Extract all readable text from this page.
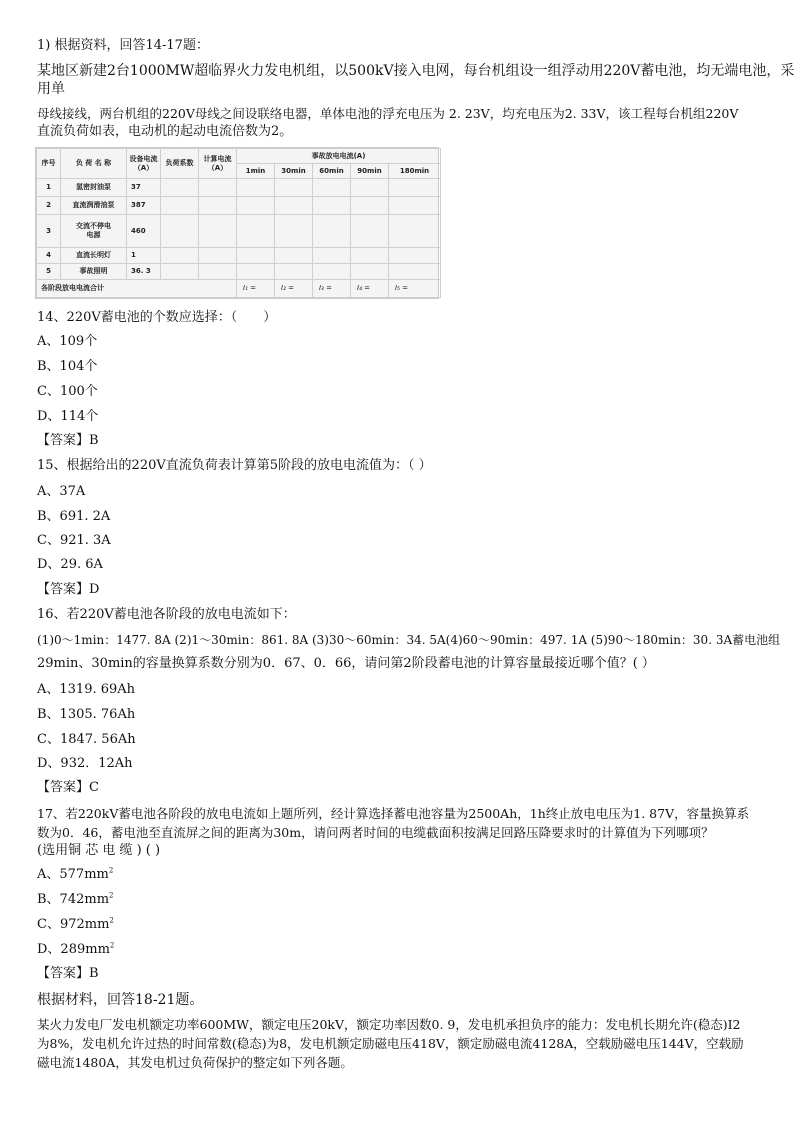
1) 根据资料，回答14-17题：
某地区新建2台1000MW超临界火力发电机组，以500kV接入电网，每台机组设一组浮动用220V蓄电池，均无端电池，采
用单
母线接线，两台机组的220V母线之间设联络电器，单体电池的浮充电压为 2. 23V，均充电压为2. 33V，该工程每台机组220V
直流负荷如表，电动机的起动电流倍数为2。
序号	负 荷 名 称	设备电流（A）	负荷系数	计算电流（A）	事故放电电流(A)				
					1min	30min	60min	90min	180min
1	氢密封油泵	37							
2	直流润滑油泵	387							
3	交流不停电电源	460							
4	直流长明灯	1							
5	事故照明	36. 3							
各阶段放电电流合计					I₁ =	I₂ =	I₃ =	I₄ =	I₅ =
14、220V蓄电池的个数应选择：（　　）
A、109个
B、104个
C、100个
D、114个
【答案】B
15、根据给出的220V直流负荷表计算第5阶段的放电电流值为：（ ）
A、37A
B、691. 2A
C、921. 3A
D、29. 6A
【答案】D
16、若220V蓄电池各阶段的放电电流如下：
(1)0～1min：1477. 8A (2)1～30min：861. 8A (3)30～60min：34. 5A(4)60～90min：497. 1A (5)90～180min：30. 3A蓄电池组
29min、30min的容量换算系数分别为0．67、0．66，请问第2阶段蓄电池的计算容量最接近哪个值？( ）
A、1319. 69Ah
B、1305. 76Ah
C、1847. 56Ah
D、932．12Ah
【答案】C
17、若220kV蓄电池各阶段的放电电流如上题所列，经计算选择蓄电池容量为2500Ah，1h终止放电电压为1. 87V，容量换算系
数为0．46，蓄电池至直流屏之间的距离为30m，请问两者时间的电缆截面积按满足回路压降要求时的计算值为下列哪项？
(选用铜 芯 电 缆 ) ( )
A、$577mm^2$
B、$742mm^2$
C、$972mm^2$
D、$289mm^2$
【答案】B
根据材料，回答18-21题。
某火力发电厂发电机额定功率600MW，额定电压20kV，额定功率因数0. 9，发电机承担负序的能力：发电机长期允许(稳态)I2
为8%，发电机允许过热的时间常数(稳态)为8，发电机额定励磁电压418V，额定励磁电流4128A，空载励磁电压144V，空载励
磁电流1480A，其发电机过负荷保护的整定如下列各题。
